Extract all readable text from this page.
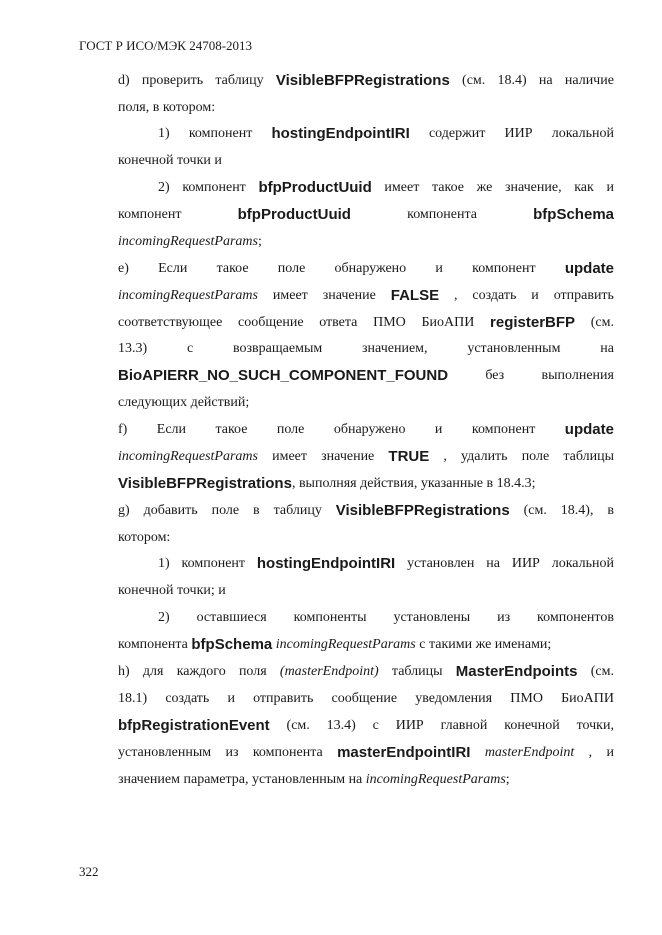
ГОСТ Р ИСО/МЭК 24708-2013
d) проверить таблицу VisibleBFPRegistrations (см. 18.4) на наличие
поля, в котором:
1) компонент hostingEndpointIRI содержит ИИР локальной
конечной точки и
2) компонент bfpProductUuid имеет такое же значение, как и
компонент	bfpProductUuid	компонента	bfpSchema
incomingRequestParams ;
e) Если такое поле обнаружено и компонент update
incomingRequestParams имеет значение FALSE , создать и отправить
соответствующее сообщение ответа ПМО БиоАПИ registerBFP (см.
13.3)	с	возвращаемым	значением,	установленным	на
BioAPIERR_NO_SUCH_COMPONENT_FOUND	без	выполнения
следующих действий;
f) Если такое поле обнаружено и компонент update
incomingRequestParams имеет значение TRUE , удалить поле таблицы
VisibleBFPRegistrations , выполняя действия, указанные в 18.4.3;
g) добавить поле в таблицу VisibleBFPRegistrations (см. 18.4), в
котором:
1) компонент hostingEndpointIRI установлен на ИИР локальной
конечной точки; и
2) оставшиеся компоненты установлены из компонентов
компонента bfpSchema
incomingRequestParams с такими же именами;
h) для каждого поля (masterEndpoint) таблицы MasterEndpoints (см.
18.1) создать и отправить сообщение уведомления ПМО БиоАПИ
bfpRegistrationEvent (см. 13.4) с ИИР главной конечной точки,
установленным из компонента masterEndpointIRI masterEndpoint , и
значением параметра, установленным на incomingRequestParams ;
322
